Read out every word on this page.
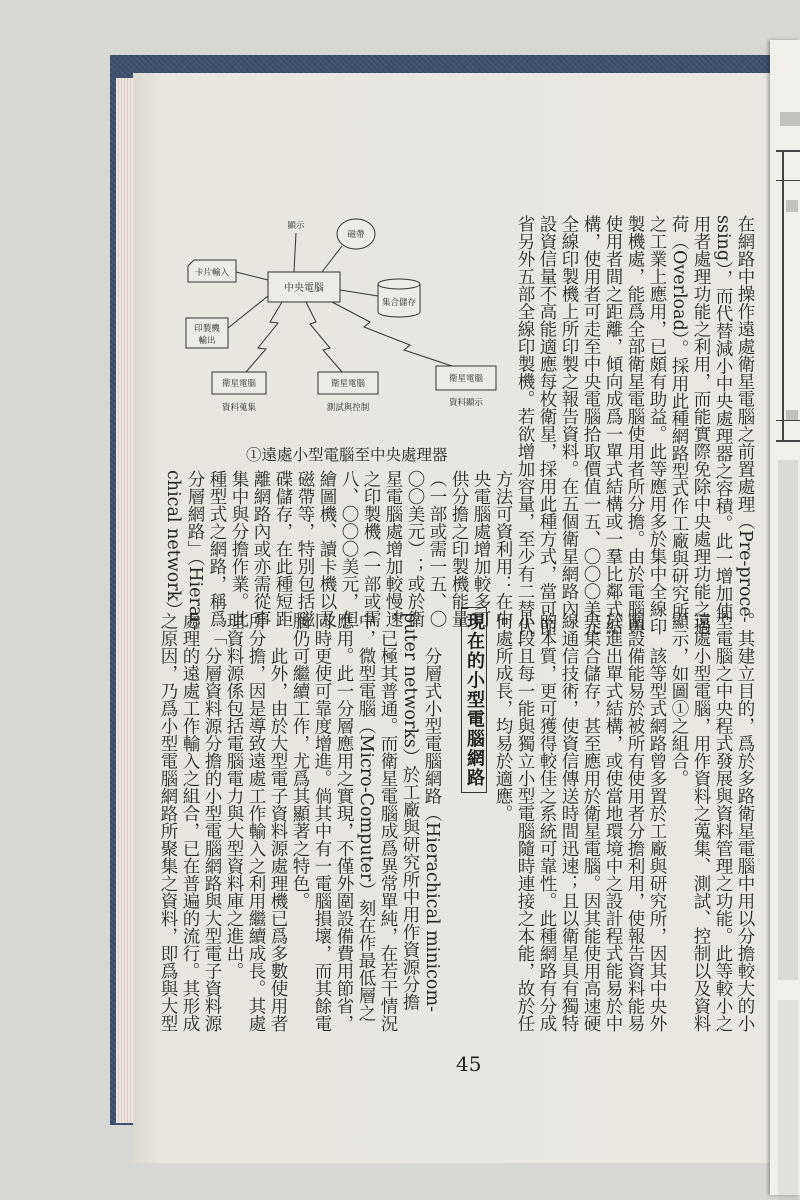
在網路中操作遠處衛星電腦之前置處理（Pre-proce-
ssing），而代替減小中央處理器之容積。此一增加使
用者處理功能之利用，而能實際免除中央處理功能之過
荷（Overload）。採用此種網路型式作工廠與研究所
之工業上應用，已頗有助益。此等應用多於集中全線印
製機處，能爲全部衛星電腦使用者所分擔。由於電腦與
使用者間之距離，傾向成爲一單式結構或一羣比鄰式結
構，使用者可走至中央電腦拾取價值一五、〇〇〇美元
全線印製機上所印製之報告資料。在五個衛星網路內，
設資信量不高能適應每枚衛星，採用此種方式，當可節
省另外五部全線印製機。若欲增加容量，至少有二替代
顯示
磁帶
卡片輸入
中央電腦
集合儲存
印製機
輸出
衛星電腦
資料蒐集
衛星電腦
測試與控制
衛星電腦
資料顯示
①遠處小型電腦至中央處理器
方法可資利用：在中
央電腦處增加較多可
供分擔之印製機能量
（一部或需一五、〇
〇〇美元）；或於衛
星電腦處增加較慢速
之印製機（一部或需
八、〇〇〇美元，但
繪圖機、讀卡機以及
磁帶等，特別包括磁
碟儲存，在此種短距
離網路內或亦需從事
集中與分擔作業。此
種型式之網路，稱爲「
分層網路」（Hierar-
chical network）
。其建立目的，爲於多路衛星電腦中用以分擔較大的小
型電腦之中央程式發展與資料管理之功能。此等較小之
遠處小型電腦，用作資料之蒐集、測試、控制以及資料
顯示，如圖①之組合。
該等型式網路曾多置於工廠與研究所，因其中央外
圍設備能易於被所有使用者分擔利用，使報告資料能易
於進出單式結構，或使當地環境中之設計程式能易於中
央集合儲存，甚至應用於衛星電腦。因其能使用高速硬
線通信技術，使資信傳送時間迅速；且以衛星具有獨特
的本質，更可獲得較佳之系統可靠性。此種網路有分成
小段且每一能與獨立小型電腦隨時連接之本能，故於任
何處所成長，均易於適應。
現在的小型電腦網路
分層式小型電腦網路（Hierachical minicom-
puter networks）於工廠與研究所中用作資源分擔
，已極其普通。而衛星電腦成爲異常單純，在若干情況
中，微型電腦（Micro-Computer）刻在作最低層之
應用。此一分層應用之實現，不僅外圍設備費用節省，
同時更使可靠度增進。倘其中有一電腦損壞，而其餘電
腦仍可繼續工作，尤爲其顯著之特色。
此外，由於大型電子資料源處理機已爲多數使用者
所分擔，因是導致遠處工作輸入之利用繼續成長。其處
理資料源係包括電腦電力與大型資料庫之進出。
分層資料源分擔的小型電腦網路與大型電子資料源
處理的遠處工作輸入之組合，已在普遍的流行。其形成
之原因，乃爲小型電腦網路所聚集之資料，即爲與大型
45
